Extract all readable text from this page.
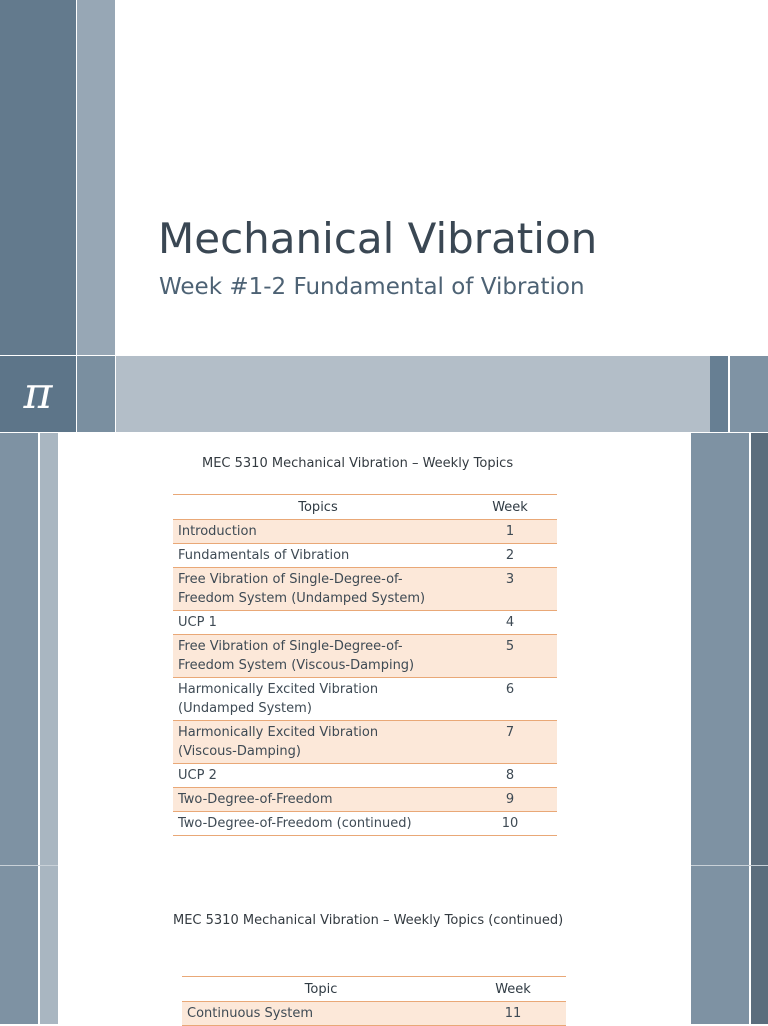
Mechanical Vibration
Week #1-2 Fundamental of Vibration
π
MEC 5310 Mechanical Vibration – Weekly Topics
Topics	Week
Introduction	1
Fundamentals of Vibration	2
Free Vibration of Single-Degree-of-
Freedom System (Undamped System)	3
UCP 1	4
Free Vibration of Single-Degree-of-
Freedom System (Viscous-Damping)	5
Harmonically Excited Vibration
(Undamped System)	6
Harmonically Excited Vibration
(Viscous-Damping)	7
UCP 2	8
Two-Degree-of-Freedom	9
Two-Degree-of-Freedom (continued)	10
MEC 5310 Mechanical Vibration – Weekly Topics (continued)
Topic	Week
Continuous System	11
